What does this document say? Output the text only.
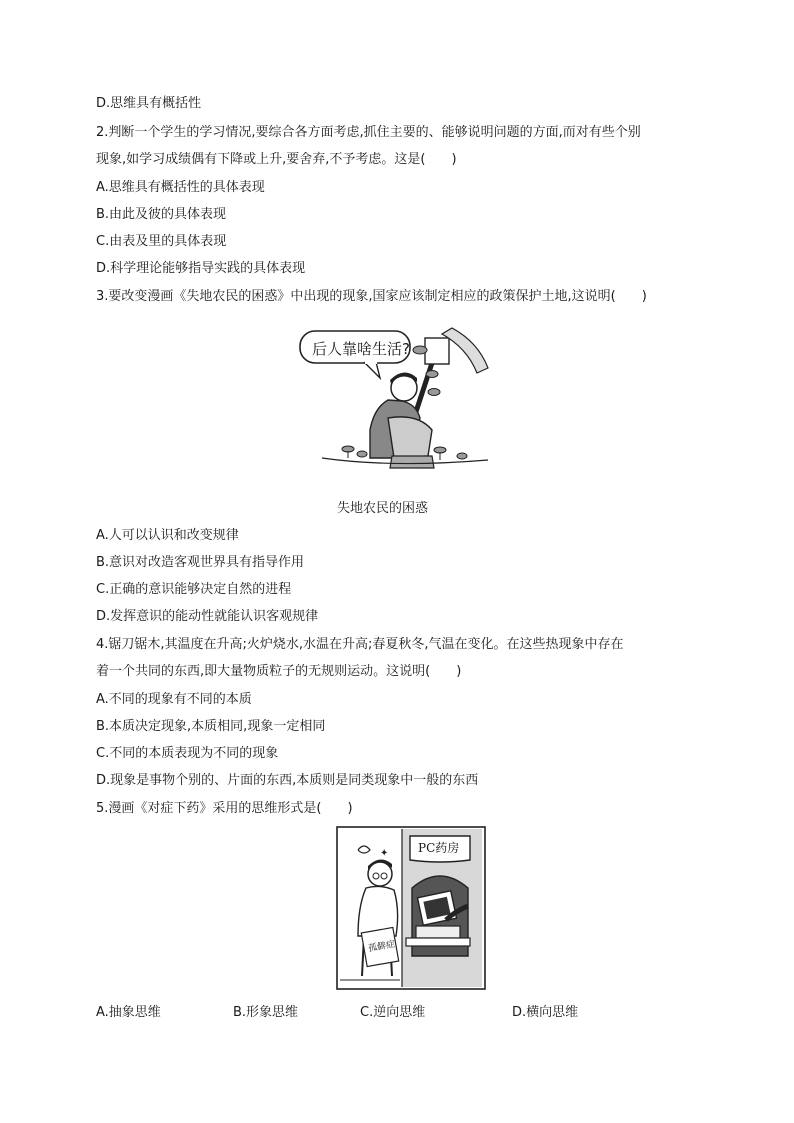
D.思维具有概括性
2.判断一个学生的学习情况,要综合各方面考虑,抓住主要的、能够说明问题的方面,而对有些个别
现象,如学习成绩偶有下降或上升,要舍弃,不予考虑。这是(　　)
A.思维具有概括性的具体表现
B.由此及彼的具体表现
C.由表及里的具体表现
D.科学理论能够指导实践的具体表现
3.要改变漫画《失地农民的困惑》中出现的现象,国家应该制定相应的政策保护土地,这说明(　　)
后人靠啥生活?
失地农民的困惑
A.人可以认识和改变规律
B.意识对改造客观世界具有指导作用
C.正确的意识能够决定自然的进程
D.发挥意识的能动性就能认识客观规律
4.锯刀锯木,其温度在升高;火炉烧水,水温在升高;春夏秋冬,气温在变化。在这些热现象中存在
着一个共同的东西,即大量物质粒子的无规则运动。这说明(　　)
A.不同的现象有不同的本质
B.本质决定现象,本质相同,现象一定相同
C.不同的本质表现为不同的现象
D.现象是事物个别的、片面的东西,本质则是同类现象中一般的东西
5.漫画《对症下药》采用的思维形式是(　　)
✦ PC药房
孤僻症
A.抽象思维	B.形象思维	C.逆向思维	D.横向思维
